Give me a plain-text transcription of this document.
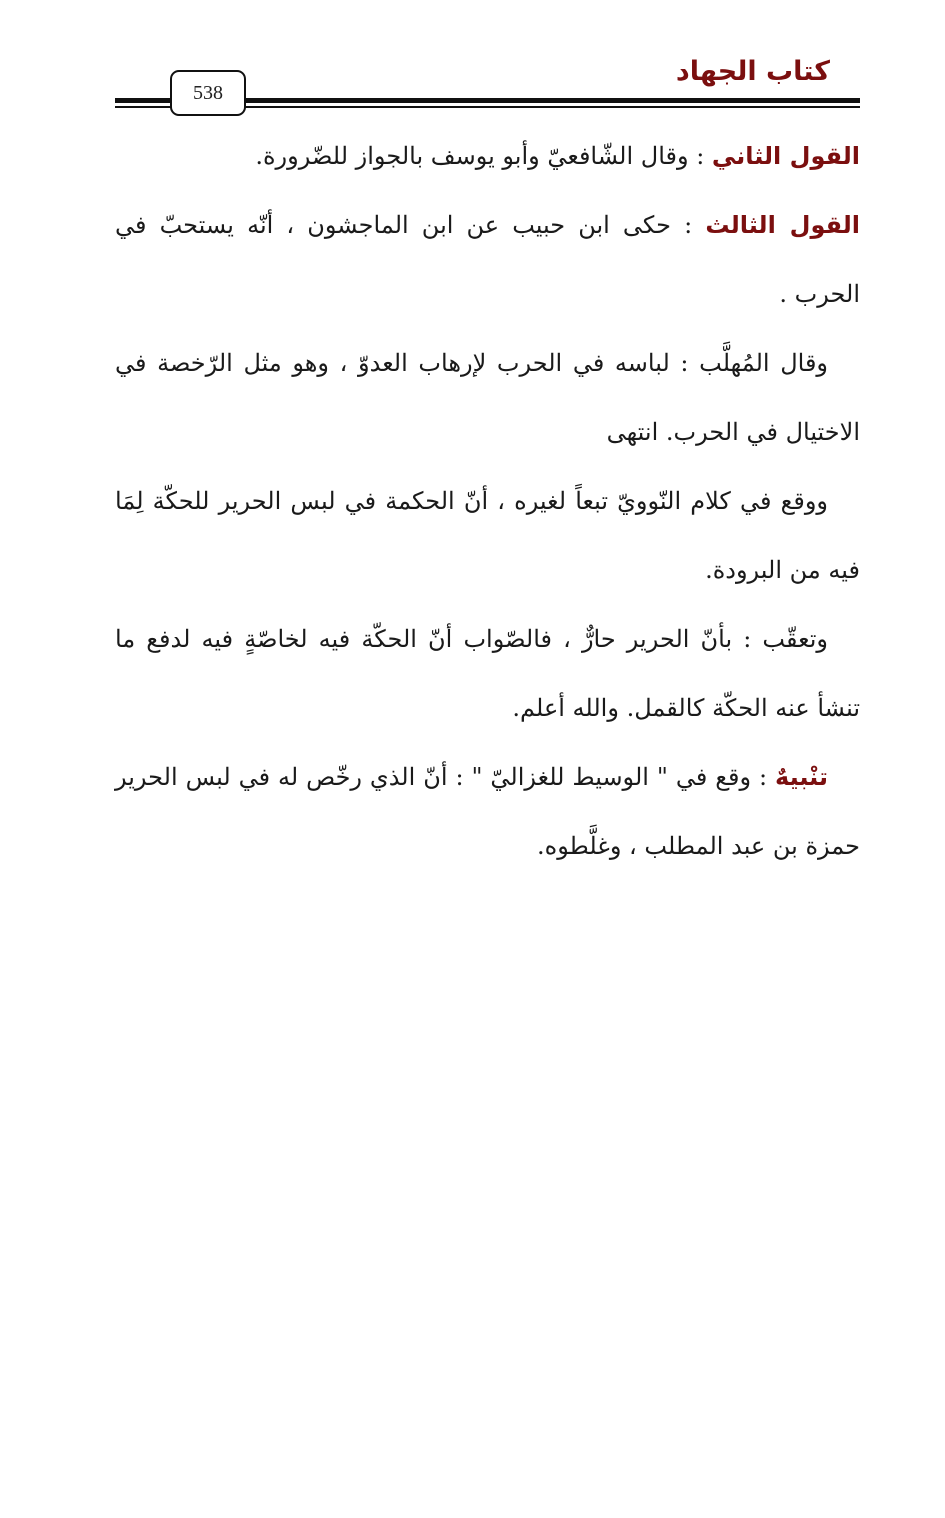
كتاب الجهاد
538

القول الثاني : وقال الشّافعيّ وأبو يوسف بالجواز للضّرورة.

القول الثالث : حكى ابن حبيب عن ابن الماجشون ، أنّه يستحبّ في الحرب .

وقال المُهلَّب : لباسه في الحرب لإرهاب العدوّ ، وهو مثل الرّخصة في الاختيال في الحرب. انتهى

ووقع في كلام النّوويّ تبعاً لغيره ، أنّ الحكمة في لبس الحرير للحكّة لِمَا فيه من البرودة.

وتعقّب : بأنّ الحرير حارٌّ ، فالصّواب أنّ الحكّة فيه لخاصّةٍ فيه لدفع ما تنشأ عنه الحكّة كالقمل. والله أعلم.

تنْبيهٌ : وقع في " الوسيط للغزاليّ " : أنّ الذي رخّص له في لبس الحرير حمزة بن عبد المطلب ، وغلَّطوه.
